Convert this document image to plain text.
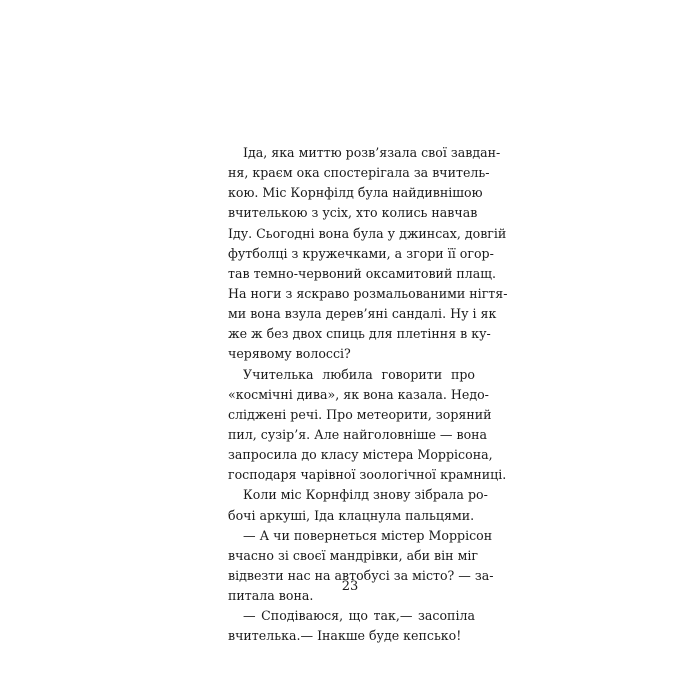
Іда, яка миттю розв’язала свої завдан-
ня, краєм ока спостерігала за вчитель-
кою. Міс Корнфілд була найдивнішою
вчителькою з усіх, хто колись навчав
Іду. Сьогодні вона була у джинсах, довгій
футболці з кружечками, а згори її огор-
тав темно-червоний оксамитовий плащ.
На ноги з яскраво розмальованими нігтя-
ми вона взула дерев’яні сандалі. Ну і як
же ж без двох спиць для плетіння в ку-
черявому волоссі?
Учителька любила говорити про
«космічні дива», як вона казала. Недо-
сліджені речі. Про метеорити, зоряний
пил, сузір’я. Але найголовніше — вона
запросила до класу містера Моррісона,
господаря чарівної зоологічної крамниці.
Коли міс Корнфілд знову зібрала ро-
бочі аркуші, Іда клацнула пальцями.
— А чи повернеться містер Моррісон
вчасно зі своєї мандрівки, аби він міг
відвезти нас на автобусі за місто? — за-
питала вона.
— Сподіваюся, що так,— засопіла
вчителька.— Інакше буде кепсько!
23
